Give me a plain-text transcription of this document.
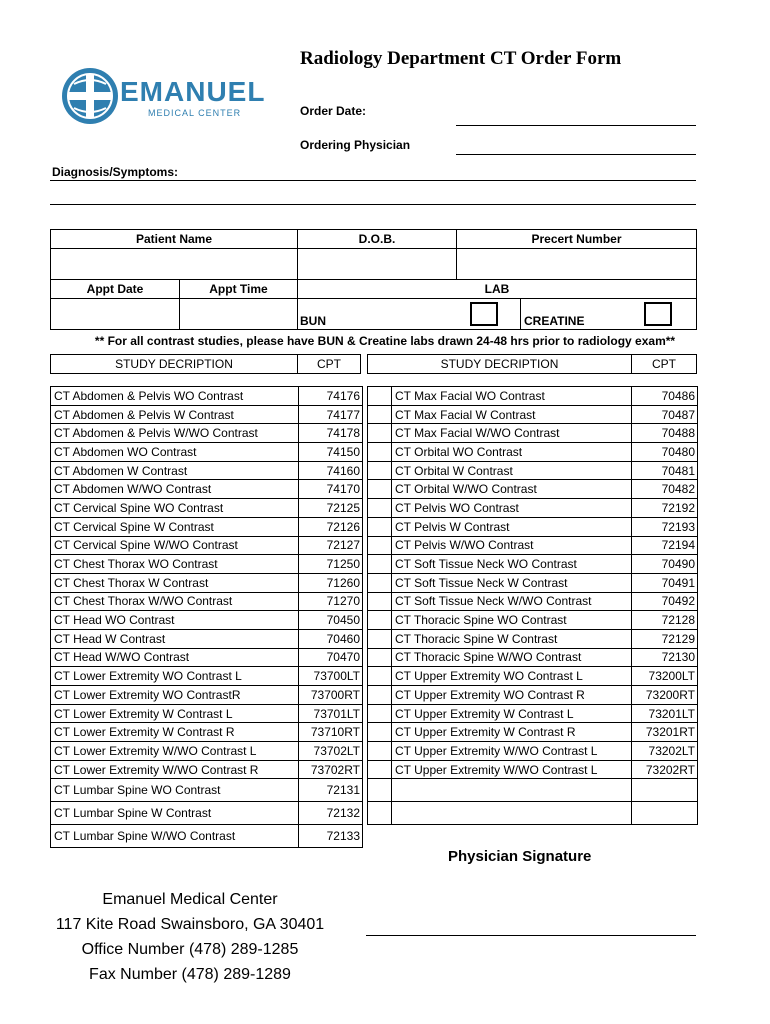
EMANUEL
MEDICAL CENTER
Radiology Department CT Order Form
Order Date:
Ordering Physician
Diagnosis/Symptoms:
Patient Name	D.O.B.	Precert Number
Appt Date	Appt Time	LAB
BUN	CREATINE
** For all contrast studies, please have BUN & Creatine labs drawn 24-48 hrs prior to radiology exam**
STUDY DECRIPTION	CPT	STUDY DECRIPTION	CPT
CT Abdomen & Pelvis WO Contrast	74176
CT Abdomen & Pelvis W Contrast	74177
CT Abdomen & Pelvis W/WO Contrast	74178
CT Abdomen WO Contrast	74150
CT Abdomen W Contrast	74160
CT Abdomen W/WO Contrast	74170
CT Cervical Spine WO Contrast	72125
CT Cervical Spine W Contrast	72126
CT Cervical Spine W/WO Contrast	72127
CT Chest Thorax WO Contrast	71250
CT Chest Thorax W Contrast	71260
CT Chest Thorax W/WO Contrast	71270
CT Head WO Contrast	70450
CT Head W Contrast	70460
CT Head W/WO Contrast	70470
CT Lower Extremity WO Contrast L	73700LT
CT Lower Extremity WO ContrastR	73700RT
CT Lower Extremity W Contrast L	73701LT
CT Lower Extremity W Contrast R	73710RT
CT Lower Extremity W/WO Contrast L	73702LT
CT Lower Extremity W/WO Contrast R	73702RT
CT Lumbar Spine WO Contrast	72131
CT Lumbar Spine W Contrast	72132
CT Lumbar Spine W/WO Contrast	72133
	CT Max Facial WO Contrast	70486
	CT Max Facial W Contrast	70487
	CT Max Facial W/WO Contrast	70488
	CT Orbital WO Contrast	70480
	CT Orbital W Contrast	70481
	CT Orbital W/WO Contrast	70482
	CT Pelvis WO Contrast	72192
	CT Pelvis W Contrast	72193
	CT Pelvis W/WO Contrast	72194
	CT Soft Tissue Neck WO Contrast	70490
	CT Soft Tissue Neck W Contrast	70491
	CT Soft Tissue Neck W/WO Contrast	70492
	CT Thoracic Spine WO Contrast	72128
	CT Thoracic Spine W Contrast	72129
	CT Thoracic Spine W/WO Contrast	72130
	CT Upper Extremity WO Contrast L	73200LT
	CT Upper Extremity WO Contrast R	73200RT
	CT Upper Extremity W Contrast L	73201LT
	CT Upper Extremity W Contrast R	73201RT
	CT Upper Extremity W/WO Contrast L	73202LT
	CT Upper Extremity W/WO Contrast L	73202RT

Physician Signature
Emanuel Medical Center
117 Kite Road Swainsboro, GA 30401
Office Number (478) 289-1285
Fax Number (478) 289-1289
